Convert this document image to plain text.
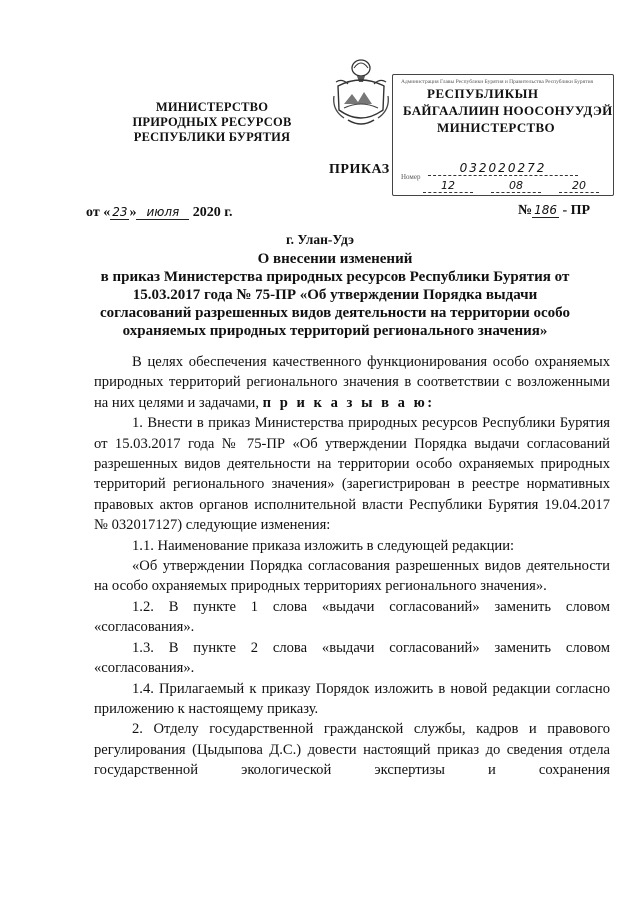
МИНИСТЕРСТВО
ПРИРОДНЫХ РЕСУРСОВ
РЕСПУБЛИКИ БУРЯТИЯ
Администрация Главы Республики Бурятия и Правительства Республики Бурятия
РЕСПУБЛИКЫН
БАЙГААЛИИН НООСОНУУДЭЙ
МИНИСТЕРСТВО
Номер
032020272
12	08	20
ПРИКАЗ
от « 23 » июля 2020 г.	№ 186 - ПР
г. Улан-Удэ
О внесении изменений
в приказ Министерства природных ресурсов Республики Бурятия от
15.03.2017 года № 75-ПР «Об утверждении Порядка выдачи
согласований разрешенных видов деятельности на территории особо
охраняемых природных территорий регионального значения»

В целях обеспечения качественного функционирования особо охраняемых природных территорий регионального значения в соответствии с возложенными на них целями и задачами, п р и к а з ы в а ю:

1. Внести в приказ Министерства природных ресурсов Республики Бурятия от 15.03.2017 года № 75-ПР «Об утверждении Порядка выдачи согласований разрешенных видов деятельности на территории особо охраняемых природных территорий регионального значения» (зарегистрирован в реестре нормативных правовых актов органов исполнительной власти Республики Бурятия 19.04.2017 № 032017127) следующие изменения:

1.1. Наименование приказа изложить в следующей редакции:

«Об утверждении Порядка согласования разрешенных видов деятельности на особо охраняемых природных территориях регионального значения».

1.2. В пункте 1 слова «выдачи согласований» заменить словом «согласования».

1.3. В пункте 2 слова «выдачи согласований» заменить словом «согласования».

1.4. Прилагаемый к приказу Порядок изложить в новой редакции согласно приложению к настоящему приказу.

2. Отделу государственной гражданской службы, кадров и правового регулирования (Цыдыпова Д.С.) довести настоящий приказ до сведения отдела государственной экологической экспертизы и сохранения
